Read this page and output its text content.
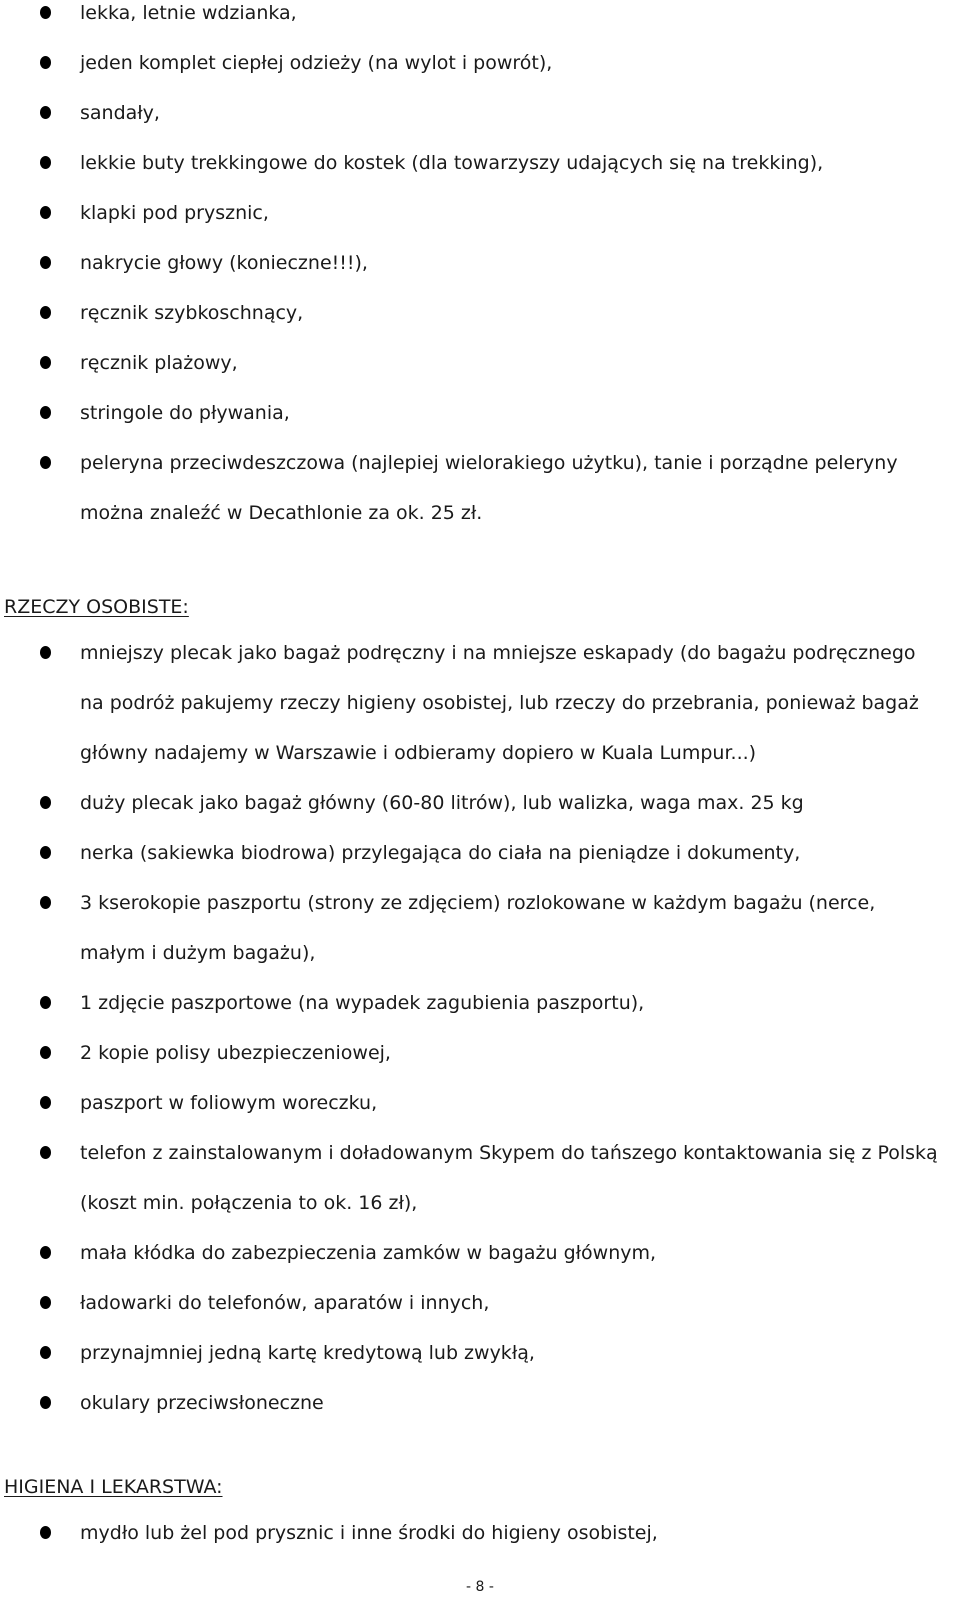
lekka, letnie wdzianka,
jeden komplet ciepłej odzieży (na wylot i powrót),
sandały,
lekkie buty trekkingowe do kostek (dla towarzyszy udających się na trekking),
klapki pod prysznic,
nakrycie głowy (konieczne!!!),
ręcznik szybkoschnący,
ręcznik plażowy,
stringole do pływania,
peleryna przeciwdeszczowa (najlepiej wielorakiego użytku), tanie i porządne peleryny można znaleźć w Decathlonie za ok. 25 zł.
RZECZY OSOBISTE:
mniejszy plecak jako bagaż podręczny i na mniejsze eskapady (do bagażu podręcznego na podróż pakujemy rzeczy higieny osobistej, lub rzeczy do przebrania, ponieważ bagaż główny nadajemy w Warszawie i odbieramy dopiero w Kuala Lumpur...)
duży plecak jako bagaż główny (60-80 litrów), lub walizka, waga max. 25 kg
nerka (sakiewka biodrowa) przylegająca do ciała na pieniądze i dokumenty,
3 kserokopie paszportu (strony ze zdjęciem) rozlokowane w każdym bagażu (nerce, małym i dużym bagażu),
1 zdjęcie paszportowe (na wypadek zagubienia paszportu),
2 kopie polisy ubezpieczeniowej,
paszport w foliowym woreczku,
telefon z zainstalowanym i doładowanym Skypem do tańszego kontaktowania się z Polską (koszt min. połączenia to ok. 16 zł),
mała kłódka do zabezpieczenia zamków w bagażu głównym,
ładowarki do telefonów, aparatów i innych,
przynajmniej jedną kartę kredytową lub zwykłą,
okulary przeciwsłoneczne
HIGIENA I LEKARSTWA:
mydło lub żel pod prysznic i inne środki do higieny osobistej,
- 8 -
